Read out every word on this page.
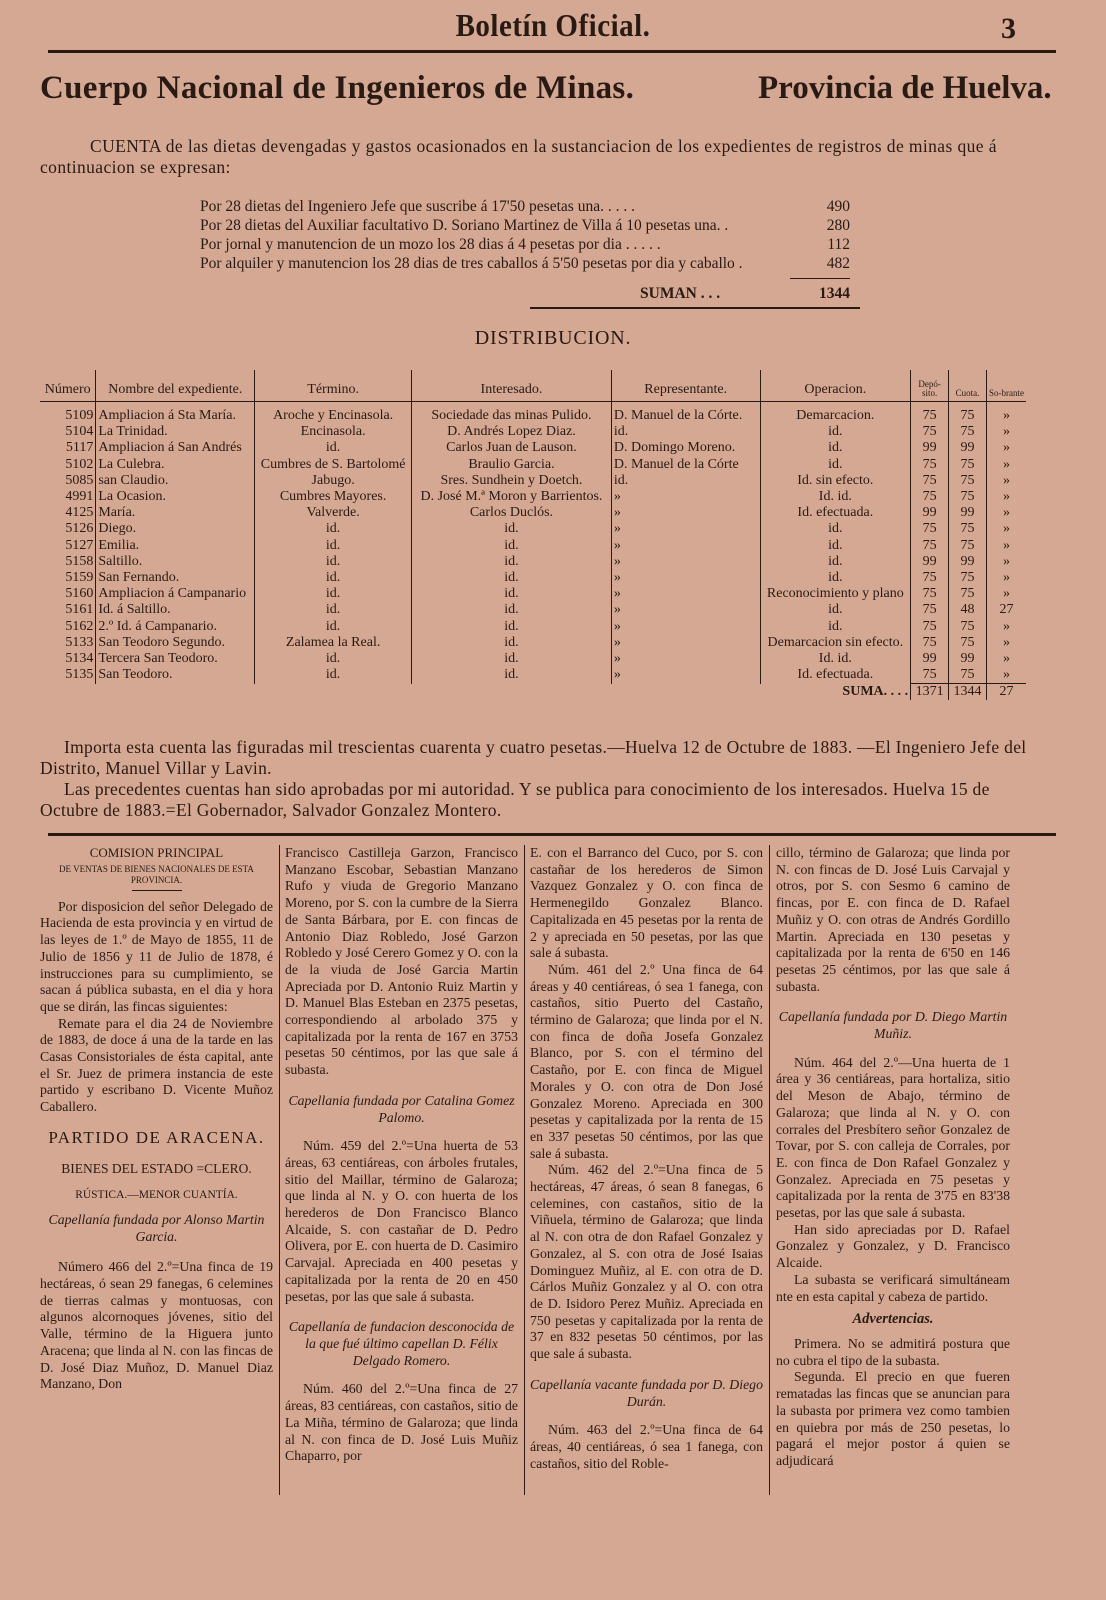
Boletín Oficial.	3
Cuerpo Nacional de Ingenieros de Minas.	Provincia de Huelva.
CUENTA de las dietas devengadas y gastos ocasionados en la sustanciacion de los expedientes de registros de minas que á continuacion se expresan:
Por 28 dietas del Ingeniero Jefe que suscribe á 17'50 pesetas una. . . . .	490
Por 28 dietas del Auxiliar facultativo D. Soriano Martinez de Villa á 10 pesetas una. .	280
Por jornal y manutencion de un mozo los 28 dias á 4 pesetas por dia . . . . .	112
Por alquiler y manutencion los 28 dias de tres caballos á 5'50 pesetas por dia y caballo .	482
SUMAN . . .	1344
DISTRIBUCION.
Número	Nombre del expediente.	Término.	Interesado.	Representante.	Operacion.	Depó-sito.	Cuota.	So-brante
5109	Ampliacion á Sta María.	Aroche y Encinasola.	Sociedade das minas Pulido.	D. Manuel de la Córte.	Demarcacion.	75	75	»
5104	La Trinidad.	Encinasola.	D. Andrés Lopez Diaz.	id.	id.	75	75	»
5117	Ampliacion á San Andrés	id.	Carlos Juan de Lauson.	D. Domingo Moreno.	id.	99	99	»
5102	La Culebra.	Cumbres de S. Bartolomé	Braulio Garcia.	D. Manuel de la Córte	id.	75	75	»
5085	san Claudio.	Jabugo.	Sres. Sundhein y Doetch.	id.	Id. sin efecto.	75	75	»
4991	La Ocasion.	Cumbres Mayores.	D. José M.ª Moron y Barrientos.	»	Id. id.	75	75	»
4125	María.	Valverde.	Carlos Duclós.	»	Id. efectuada.	99	99	»
5126	Diego.	id.	id.	»	id.	75	75	»
5127	Emilia.	id.	id.	»	id.	75	75	»
5158	Saltillo.	id.	id.	»	id.	99	99	»
5159	San Fernando.	id.	id.	»	id.	75	75	»
5160	Ampliacion á Campanario	id.	id.	»	Reconocimiento y plano	75	75	»
5161	Id. á Saltillo.	id.	id.	»	id.	75	48	27
5162	2.º Id. á Campanario.	id.	id.	»	id.	75	75	»
5133	San Teodoro Segundo.	Zalamea la Real.	id.	»	Demarcacion sin efecto.	75	75	»
5134	Tercera San Teodoro.	id.	id.	»	Id. id.	99	99	»
5135	San Teodoro.	id.	id.	»	Id. efectuada.	75	75	»
					SUMA. . . .	1371	1344	27
Importa esta cuenta las figuradas mil trescientas cuarenta y cuatro pesetas.—Huelva 12 de Octubre de 1883. —El Ingeniero Jefe del Distrito, Manuel Villar y Lavin.
Las precedentes cuentas han sido aprobadas por mi autoridad. Y se publica para conocimiento de los interesados. Huelva 15 de Octubre de 1883.=El Gobernador, Salvador Gonzalez Montero.

COMISION PRINCIPAL

DE VENTAS DE BIENES NACIONALES DE ESTA PROVINCIA.

Por disposicion del señor Delegado de Hacienda de esta provincia y en virtud de las leyes de 1.º de Mayo de 1855, 11 de Julio de 1856 y 11 de Julio de 1878, é instrucciones para su cumplimiento, se sacan á pública subasta, en el dia y hora que se dirán, las fincas siguientes:

Remate para el dia 24 de Noviembre de 1883, de doce á una de la tarde en las Casas Consistoriales de ésta capital, ante el Sr. Juez de primera instancia de este partido y escribano D. Vicente Muñoz Caballero.

PARTIDO DE ARACENA.

BIENES DEL ESTADO =CLERO.

RÚSTICA.—MENOR CUANTÍA.

Capellanía fundada por Alonso Martin Garcia.

Número 466 del 2.º=Una finca de 19 hectáreas, ó sean 29 fanegas, 6 celemines de tierras calmas y montuosas, con algunos alcornoques jóvenes, sitio del Valle, término de la Higuera junto Aracena; que linda al N. con las fincas de D. José Diaz Muñoz, D. Manuel Diaz Manzano, Don

Francisco Castilleja Garzon, Francisco Manzano Escobar, Sebastian Manzano Rufo y viuda de Gregorio Manzano Moreno, por S. con la cumbre de la Sierra de Santa Bárbara, por E. con fincas de Antonio Diaz Robledo, José Garzon Robledo y José Cerero Gomez y O. con la de la viuda de José Garcia Martin Apreciada por D. Antonio Ruiz Martin y D. Manuel Blas Esteban en 2375 pesetas, correspondiendo al arbolado 375 y capitalizada por la renta de 167 en 3753 pesetas 50 céntimos, por las que sale á subasta.

Capellania fundada por Catalina Gomez Palomo.

Núm. 459 del 2.º=Una huerta de 53 áreas, 63 centiáreas, con árboles frutales, sitio del Maillar, término de Galaroza; que linda al N. y O. con huerta de los herederos de Don Francisco Blanco Alcaide, S. con castañar de D. Pedro Olivera, por E. con huerta de D. Casimiro Carvajal. Apreciada en 400 pesetas y capitalizada por la renta de 20 en 450 pesetas, por las que sale á subasta.

Capellanía de fundacion desconocida de la que fué último capellan D. Félix Delgado Romero.

Núm. 460 del 2.º=Una finca de 27 áreas, 83 centiáreas, con castaños, sitio de La Miña, término de Galaroza; que linda al N. con finca de D. José Luis Muñiz Chaparro, por

E. con el Barranco del Cuco, por S. con castañar de los herederos de Simon Vazquez Gonzalez y O. con finca de Hermenegildo Gonzalez Blanco. Capitalizada en 45 pesetas por la renta de 2 y apreciada en 50 pesetas, por las que sale á subasta.

Núm. 461 del 2.º Una finca de 64 áreas y 40 centiáreas, ó sea 1 fanega, con castaños, sitio Puerto del Castaño, término de Galaroza; que linda por el N. con finca de doña Josefa Gonzalez Blanco, por S. con el término del Castaño, por E. con finca de Miguel Morales y O. con otra de Don José Gonzalez Moreno. Apreciada en 300 pesetas y capitalizada por la renta de 15 en 337 pesetas 50 céntimos, por las que sale á subasta.

Núm. 462 del 2.º=Una finca de 5 hectáreas, 47 áreas, ó sean 8 fanegas, 6 celemines, con castaños, sitio de la Viñuela, término de Galaroza; que linda al N. con otra de don Rafael Gonzalez y Gonzalez, al S. con otra de José Isaias Dominguez Muñiz, al E. con otra de D. Cárlos Muñiz Gonzalez y al O. con otra de D. Isidoro Perez Muñiz. Apreciada en 750 pesetas y capitalizada por la renta de 37 en 832 pesetas 50 céntimos, por las que sale á subasta.

Capellanía vacante fundada por D. Diego Durán.

Núm. 463 del 2.º=Una finca de 64 áreas, 40 centiáreas, ó sea 1 fanega, con castaños, sitio del Roble-

cillo, término de Galaroza; que linda por N. con fincas de D. José Luis Carvajal y otros, por S. con Sesmo 6 camino de fincas, por E. con finca de D. Rafael Muñiz y O. con otras de Andrés Gordillo Martin. Apreciada en 130 pesetas y capitalizada por la renta de 6'50 en 146 pesetas 25 céntimos, por las que sale á subasta.

Capellanía fundada por D. Diego Martin Muñiz.

Núm. 464 del 2.º—Una huerta de 1 área y 36 centiáreas, para hortaliza, sitio del Meson de Abajo, término de Galaroza; que linda al N. y O. con corrales del Presbítero señor Gonzalez de Tovar, por S. con calleja de Corrales, por E. con finca de Don Rafael Gonzalez y Gonzalez. Apreciada en 75 pesetas y capitalizada por la renta de 3'75 en 83'38 pesetas, por las que sale á subasta.

Han sido apreciadas por D. Rafael Gonzalez y Gonzalez, y D. Francisco Alcaide.

La subasta se verificará simultáneam nte en esta capital y cabeza de partido.

Advertencias.

Primera. No se admitirá postura que no cubra el tipo de la subasta.

Segunda. El precio en que fueren rematadas las fincas que se anuncian para la subasta por primera vez como tambien en quiebra por más de 250 pesetas, lo pagará el mejor postor á quien se adjudicará
